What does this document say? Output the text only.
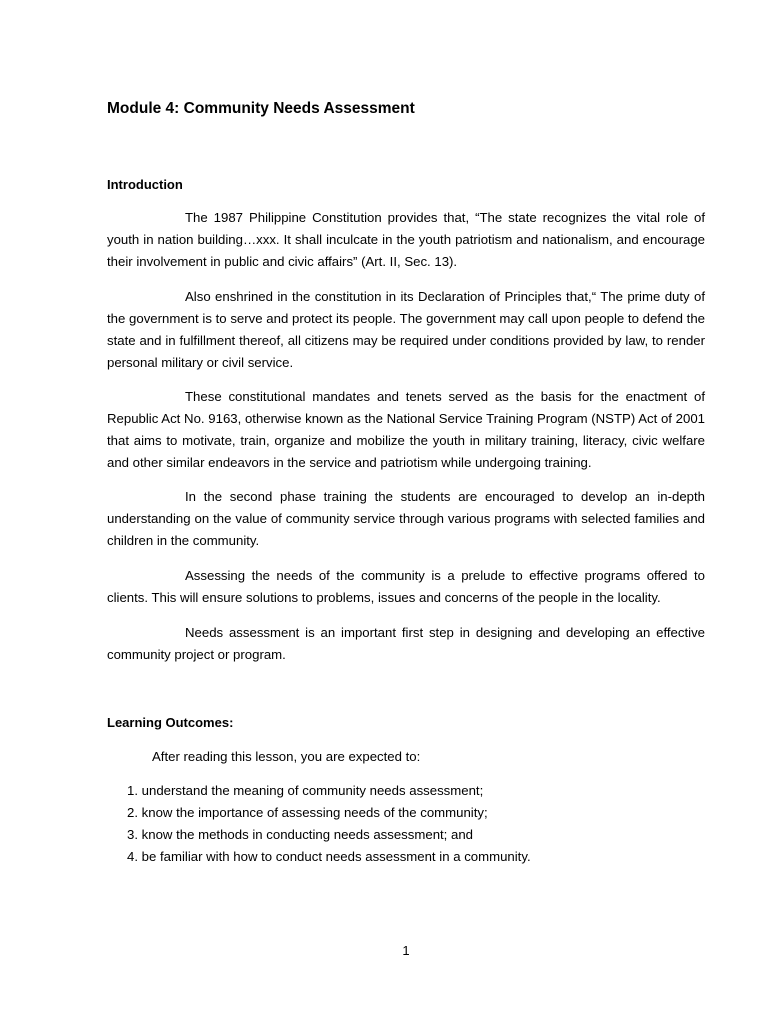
Module 4: Community Needs Assessment
Introduction

The 1987 Philippine Constitution provides that, “The state recognizes the vital role of youth in nation building…xxx. It shall inculcate in the youth patriotism and nationalism, and encourage their involvement in public and civic affairs” (Art. II, Sec. 13).

Also enshrined in the constitution in its Declaration of Principles that,“ The prime duty of the government is to serve and protect its people. The government may call upon people to defend the state and in fulfillment thereof, all citizens may be required under conditions provided by law, to render personal military or civil service.

These constitutional mandates and tenets served as the basis for the enactment of Republic Act No. 9163, otherwise known as the National Service Training Program (NSTP) Act of 2001 that aims to motivate, train, organize and mobilize the youth in military training, literacy, civic welfare and other similar endeavors in the service and patriotism while undergoing training.

In the second phase training the students are encouraged to develop an in-depth understanding on the value of community service through various programs with selected families and children in the community.

Assessing the needs of the community is a prelude to effective programs offered to clients. This will ensure solutions to problems, issues and concerns of the people in the locality.

Needs assessment is an important first step in designing and developing an effective community project or program.

Learning Outcomes:

After reading this lesson, you are expected to:

1. understand the meaning of community needs assessment;
2. know the importance of assessing needs of the community;
3. know the methods in conducting needs assessment; and
4. be familiar with how to conduct needs assessment in a community.
1
